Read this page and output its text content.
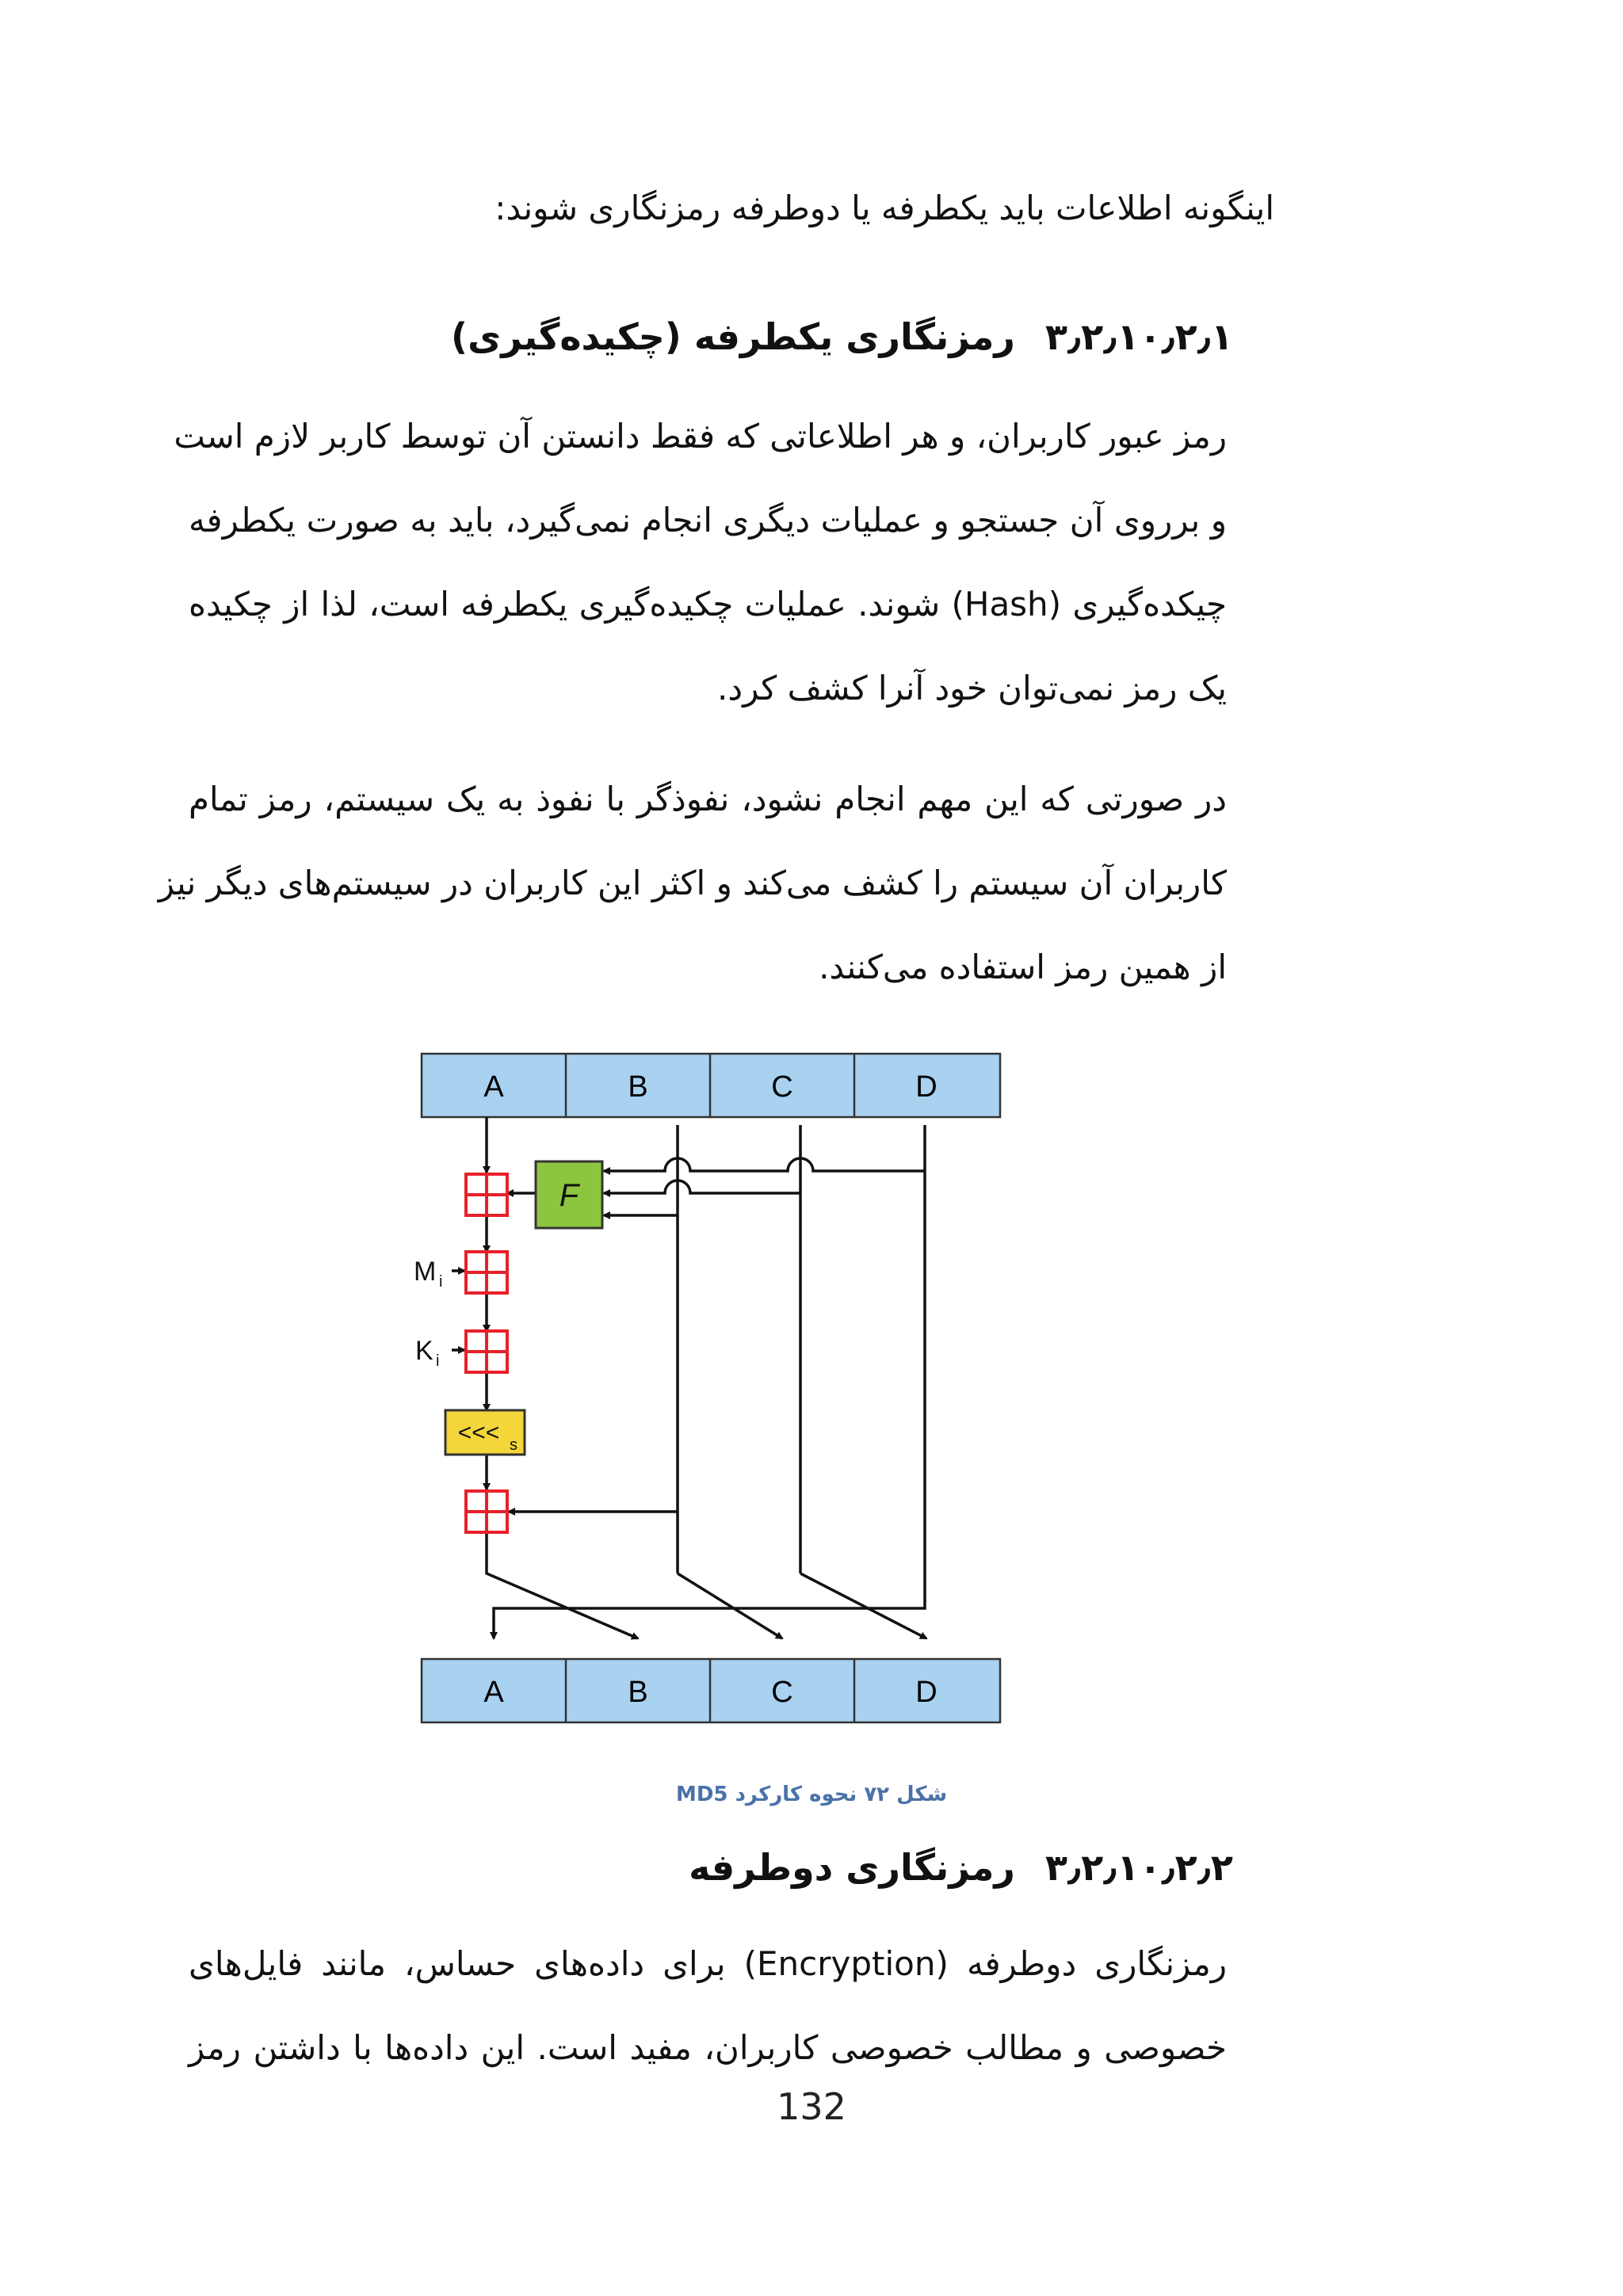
اینگونه اطلاعات باید یکطرفه یا دوطرفه رمزنگاری شوند:

۳٫۲٫۱۰٫۲٫۱رمزنگاری یکطرفه (چکیده‌گیری)
رمز عبور کاربران، و هر اطلاعاتی که فقط دانستن آن توسط کاربر لازم است
و برروی آن جستجو و عملیات دیگری انجام نمی‌گیرد، باید به صورت یکطرفه
چیکده‌گیری (Hash) شوند. عملیات چکیده‌گیری یکطرفه است، لذا از چکیده
یک رمز نمی‌توان خود آنرا کشف کرد.
در صورتی که این مهم انجام نشود، نفوذگر با نفوذ به یک سیستم، رمز تمام
کاربران آن سیستم را کشف می‌کند و اکثر این کاربران در سیستم‌های دیگر نیز
از همین رمز استفاده می‌کنند.
A	B	C	D
F
<<< s
M i
K i
A	B	C	D
شکل ۷۲ نحوه کارکرد MD5
۳٫۲٫۱۰٫۲٫۲رمزنگاری دوطرفه
رمزنگاری دوطرفه (Encryption) برای داده‌های حساس، مانند فایل‌های
خصوصی و مطالب خصوصی کاربران، مفید است. این داده‌ها با داشتن رمز
132
